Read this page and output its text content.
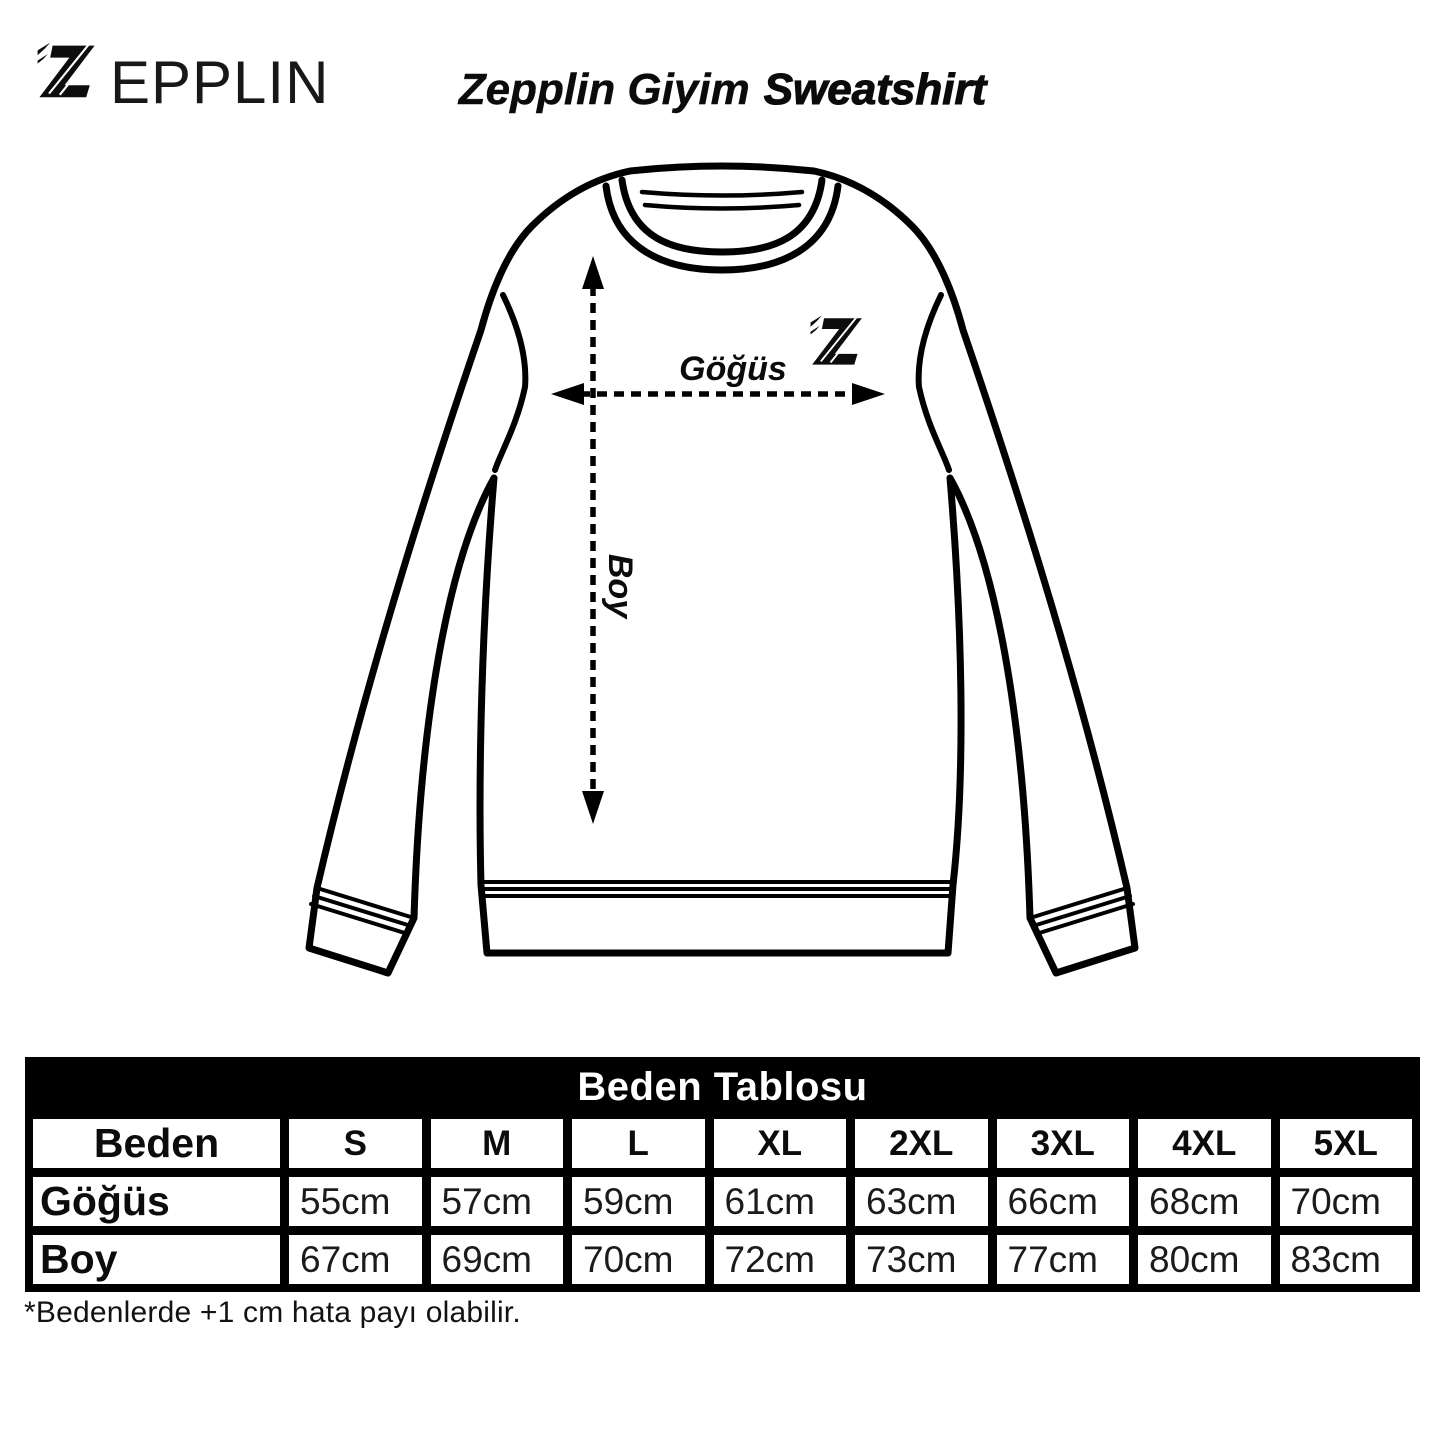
EPPLIN	Zepplin Giyim Sweatshirt
Göğüs
Boy
Beden Tablosu
Beden	S	M	L	XL	2XL	3XL	4XL	5XL
Göğüs	55cm	57cm	59cm	61cm	63cm	66cm	68cm	70cm
Boy	67cm	69cm	70cm	72cm	73cm	77cm	80cm	83cm

*Bedenlerde +1 cm hata payı olabilir.
